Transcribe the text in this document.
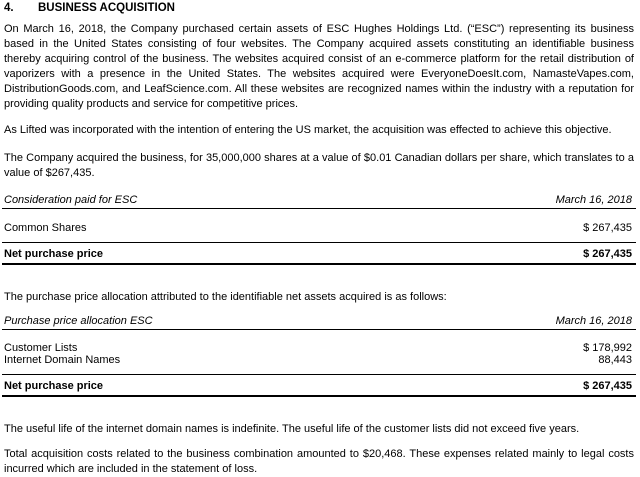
4. BUSINESS ACQUISITION

On March 16, 2018, the Company purchased certain assets of ESC Hughes Holdings Ltd. (“ESC”) representing its business based in the United States consisting of four websites. The Company acquired assets constituting an identifiable business thereby acquiring control of the business. The websites acquired consist of an e-commerce platform for the retail distribution of vaporizers with a presence in the United States. The websites acquired were EveryoneDoesIt.com, NamasteVapes.com, DistributionGoods.com, and LeafScience.com. All these websites are recognized names within the industry with a reputation for providing quality products and service for competitive prices.

As Lifted was incorporated with the intention of entering the US market, the acquisition was effected to achieve this objective.

The Company acquired the business, for 35,000,000 shares at a value of $0.01 Canadian dollars per share, which translates to a value of $267,435.

Consideration paid for ESC	March 16, 2018
Common Shares	$ 267,435
Net purchase price	$ 267,435

The purchase price allocation attributed to the identifiable net assets acquired is as follows:

Purchase price allocation ESC	March 16, 2018
Customer Lists	$ 178,992
Internet Domain Names	88,443
Net purchase price	$ 267,435

The useful life of the internet domain names is indefinite. The useful life of the customer lists did not exceed five years.

Total acquisition costs related to the business combination amounted to $20,468. These expenses related mainly to legal costs incurred which are included in the statement of loss.
